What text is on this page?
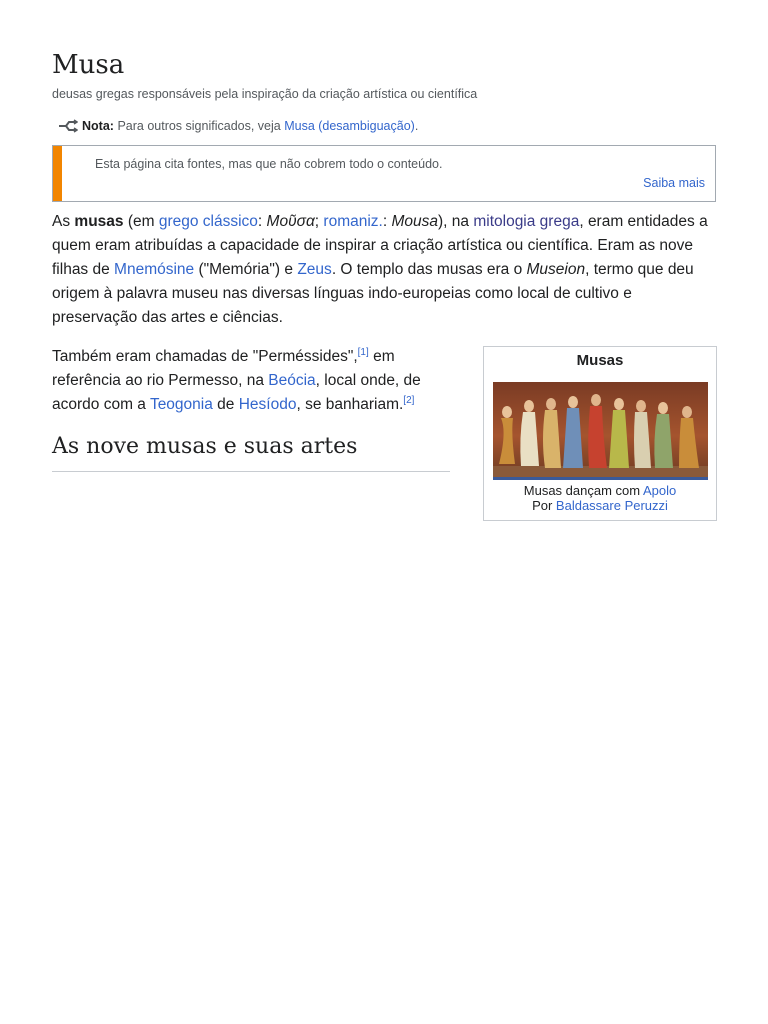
Musa
deusas gregas responsáveis pela inspiração da criação artística ou científica
Nota: Para outros significados, veja Musa (desambiguação).
Esta página cita fontes, mas que não cobrem todo o conteúdo.
Saiba mais
As musas (em grego clássico: Μοῦσα; romaniz.: Mousa), na mitologia grega, eram entidades a quem eram atribuídas a capacidade de inspirar a criação artística ou científica. Eram as nove filhas de Mnemósine ("Memória") e Zeus. O templo das musas era o Museion, termo que deu origem à palavra museu nas diversas línguas indo-europeias como local de cultivo e preservação das artes e ciências.
Também eram chamadas de "Perméssides",[1] em referência ao rio Permesso, na Beócia, local onde, de acordo com a Teogonia de Hesíodo, se banhariam.[2]
As nove musas e suas artes
Musas
Musas dançam com Apolo
Por Baldassare Peruzzi
